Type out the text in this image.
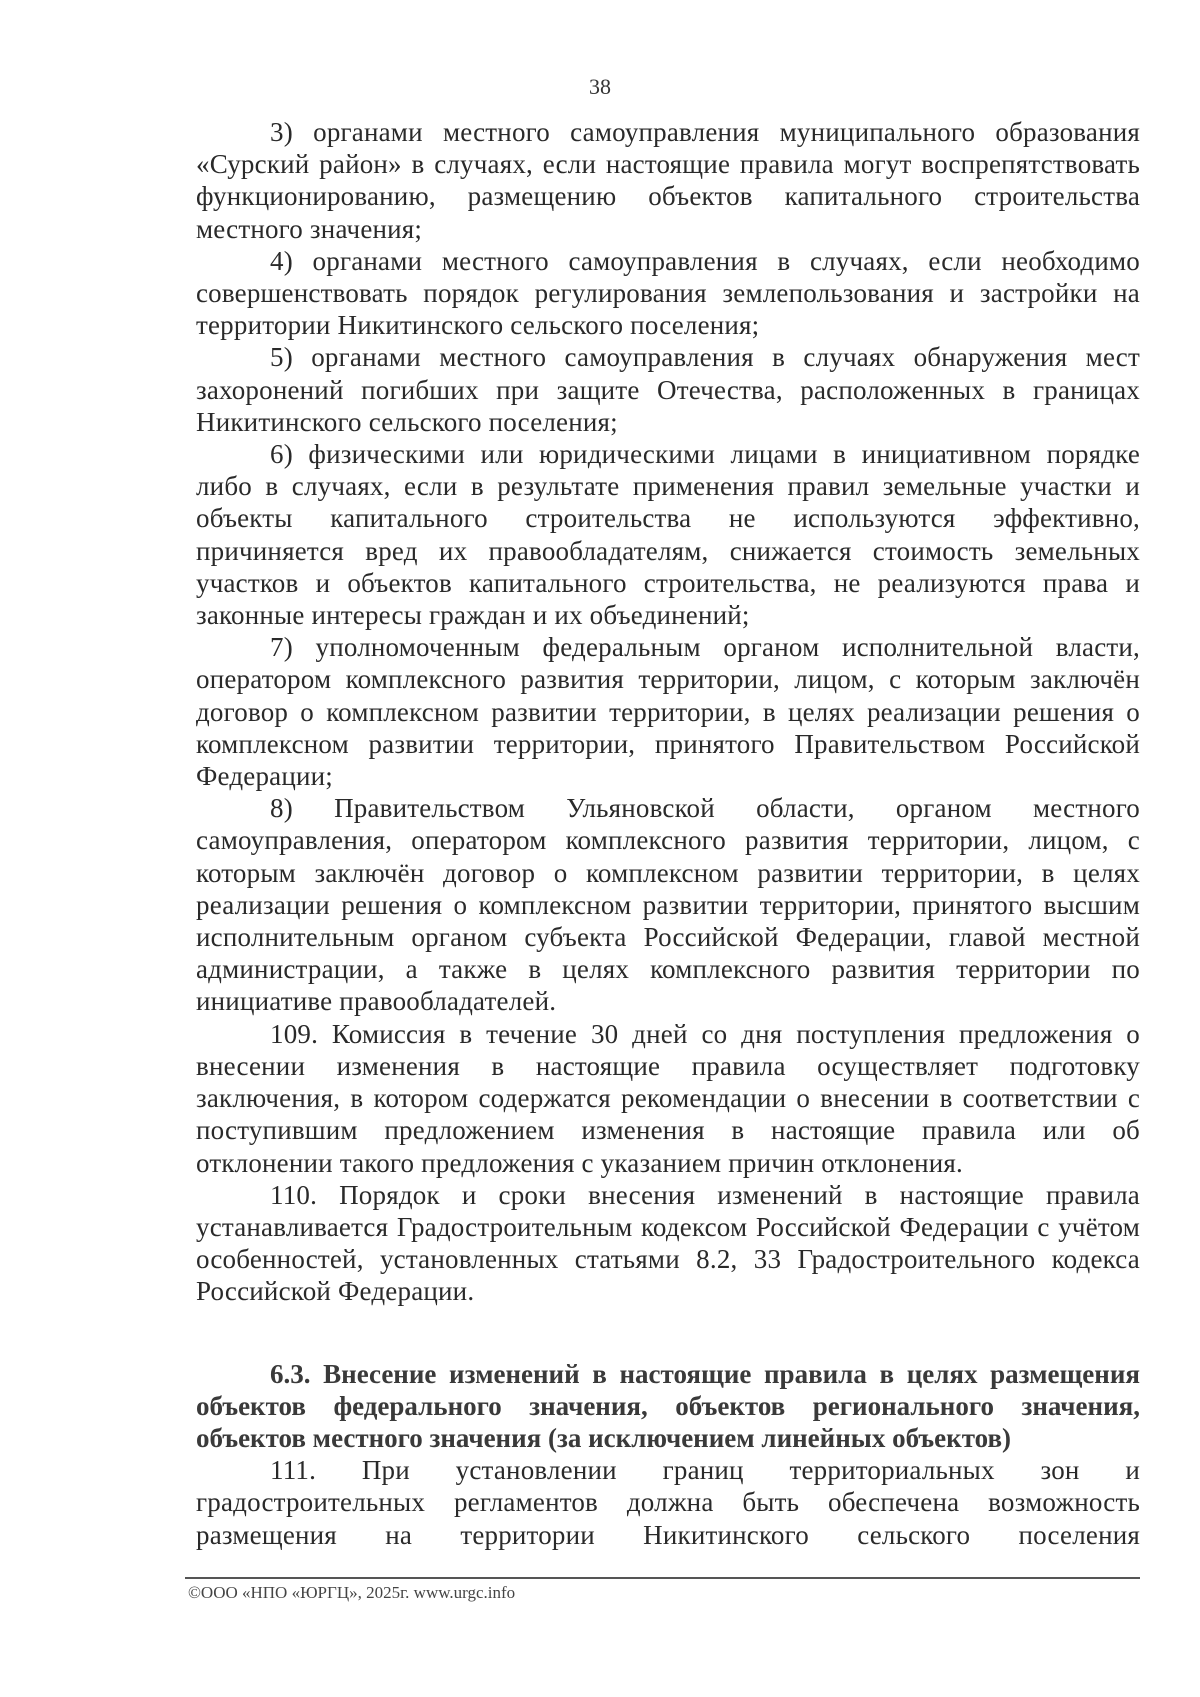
38

3) органами местного самоуправления муниципального образования «Сурский район» в случаях, если настоящие правила могут воспрепятствовать функционированию, размещению объектов капитального строительства местного значения;

4) органами местного самоуправления в случаях, если необходимо совершенствовать порядок регулирования землепользования и застройки на территории Никитинского сельского поселения;

5) органами местного самоуправления в случаях обнаружения мест захоронений погибших при защите Отечества, расположенных в границах Никитинского сельского поселения;

6) физическими или юридическими лицами в инициативном порядке либо в случаях, если в результате применения правил земельные участки и объекты капитального строительства не используются эффективно, причиняется вред их правообладателям, снижается стоимость земельных участков и объектов капитального строительства, не реализуются права и законные интересы граждан и их объединений;

7) уполномоченным федеральным органом исполнительной власти, оператором комплексного развития территории, лицом, с которым заключён договор о комплексном развитии территории, в целях реализации решения о комплексном развитии территории, принятого Правительством Российской Федерации;

8) Правительством Ульяновской области, органом местного самоуправления, оператором комплексного развития территории, лицом, с которым заключён договор о комплексном развитии территории, в целях реализации решения о комплексном развитии территории, принятого высшим исполнительным органом субъекта Российской Федерации, главой местной администрации, а также в целях комплексного развития территории по инициативе правообладателей.

109. Комиссия в течение 30 дней со дня поступления предложения о внесении изменения в настоящие правила осуществляет подготовку заключения, в котором содержатся рекомендации о внесении в соответствии с поступившим предложением изменения в настоящие правила или об отклонении такого предложения с указанием причин отклонения.

110. Порядок и сроки внесения изменений в настоящие правила устанавливается Градостроительным кодексом Российской Федерации с учётом особенностей, установленных статьями 8.2, 33 Градостроительного кодекса Российской Федерации.

6.3. Внесение изменений в настоящие правила в целях размещения объектов федерального значения, объектов регионального значения, объектов местного значения (за исключением линейных объектов)

111. При установлении границ территориальных зон и градостроительных регламентов должна быть обеспечена возможность размещения на территории Никитинского сельского поселения

©ООО «НПО «ЮРГЦ», 2025г. www.urgc.info
